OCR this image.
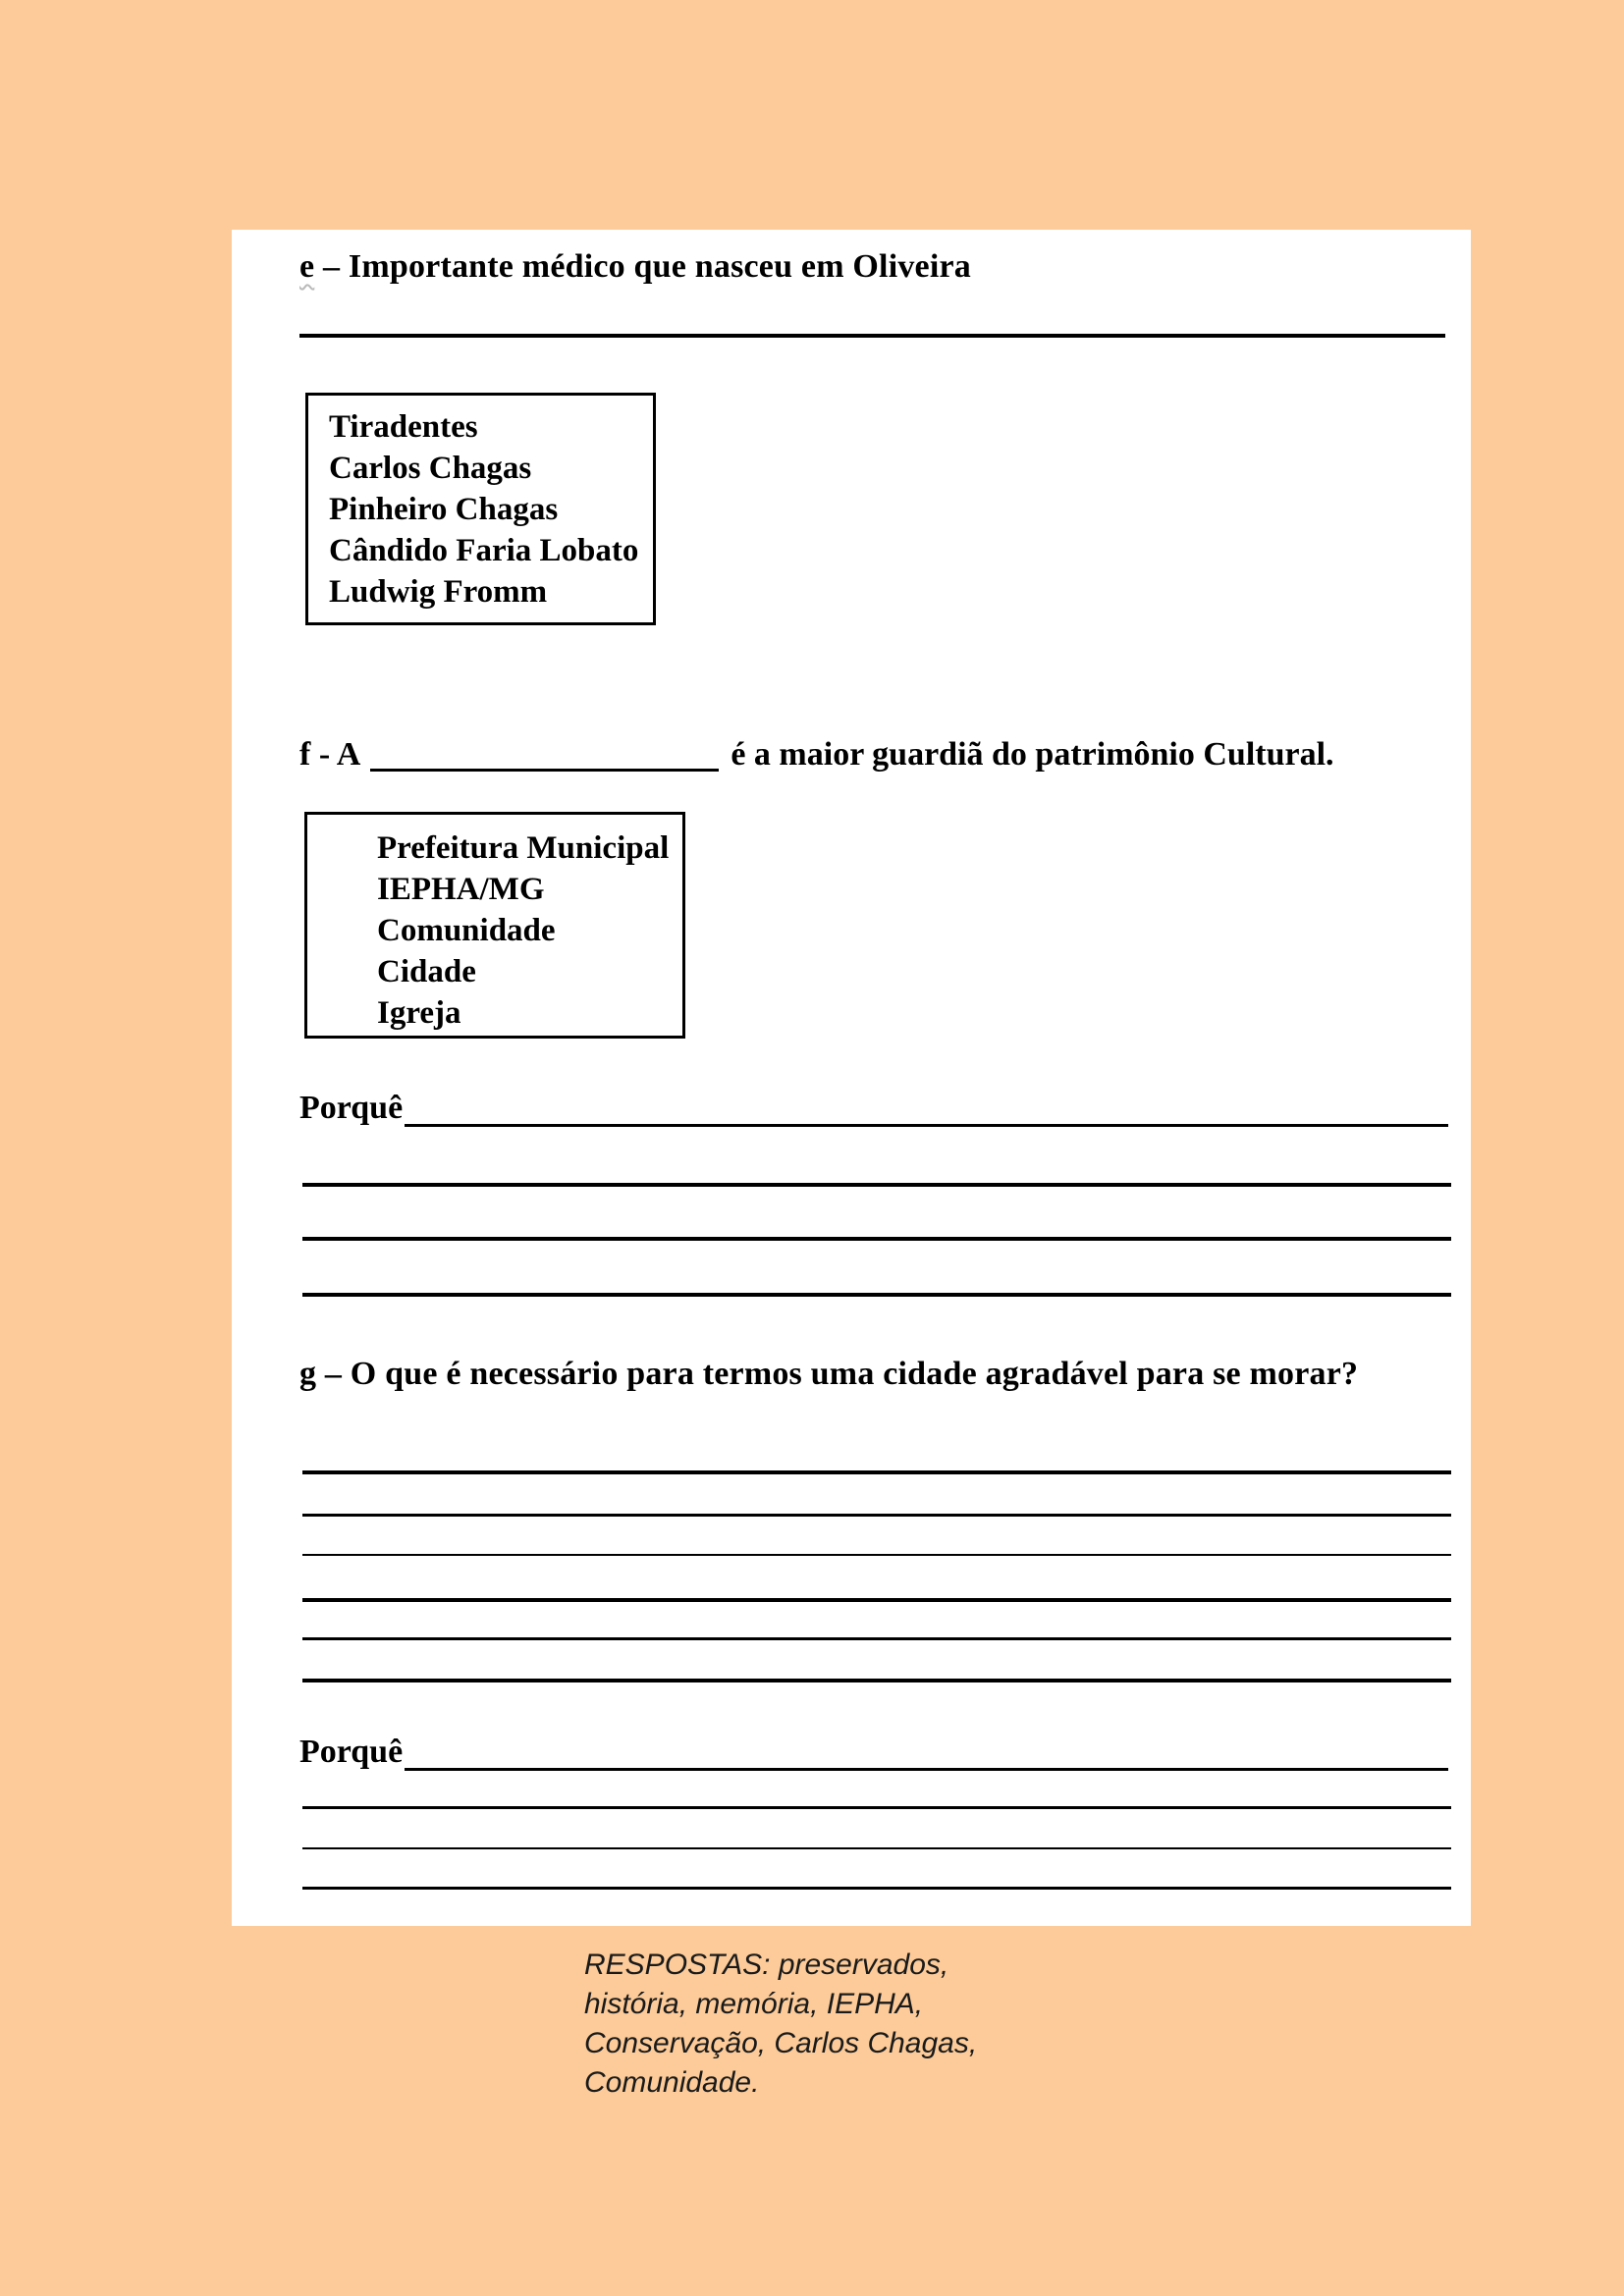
e – Importante médico que nasceu em Oliveira
Tiradentes
Carlos Chagas
Pinheiro Chagas
Cândido Faria Lobato
Ludwig Fromm
f - A	é a maior guardiã do patrimônio Cultural.
Prefeitura Municipal
IEPHA/MG
Comunidade
Cidade
Igreja
Porquê
g – O que é necessário para termos uma cidade agradável para se morar?
Porquê
RESPOSTAS: preservados,
história, memória, IEPHA,
Conservação, Carlos Chagas,
Comunidade.
